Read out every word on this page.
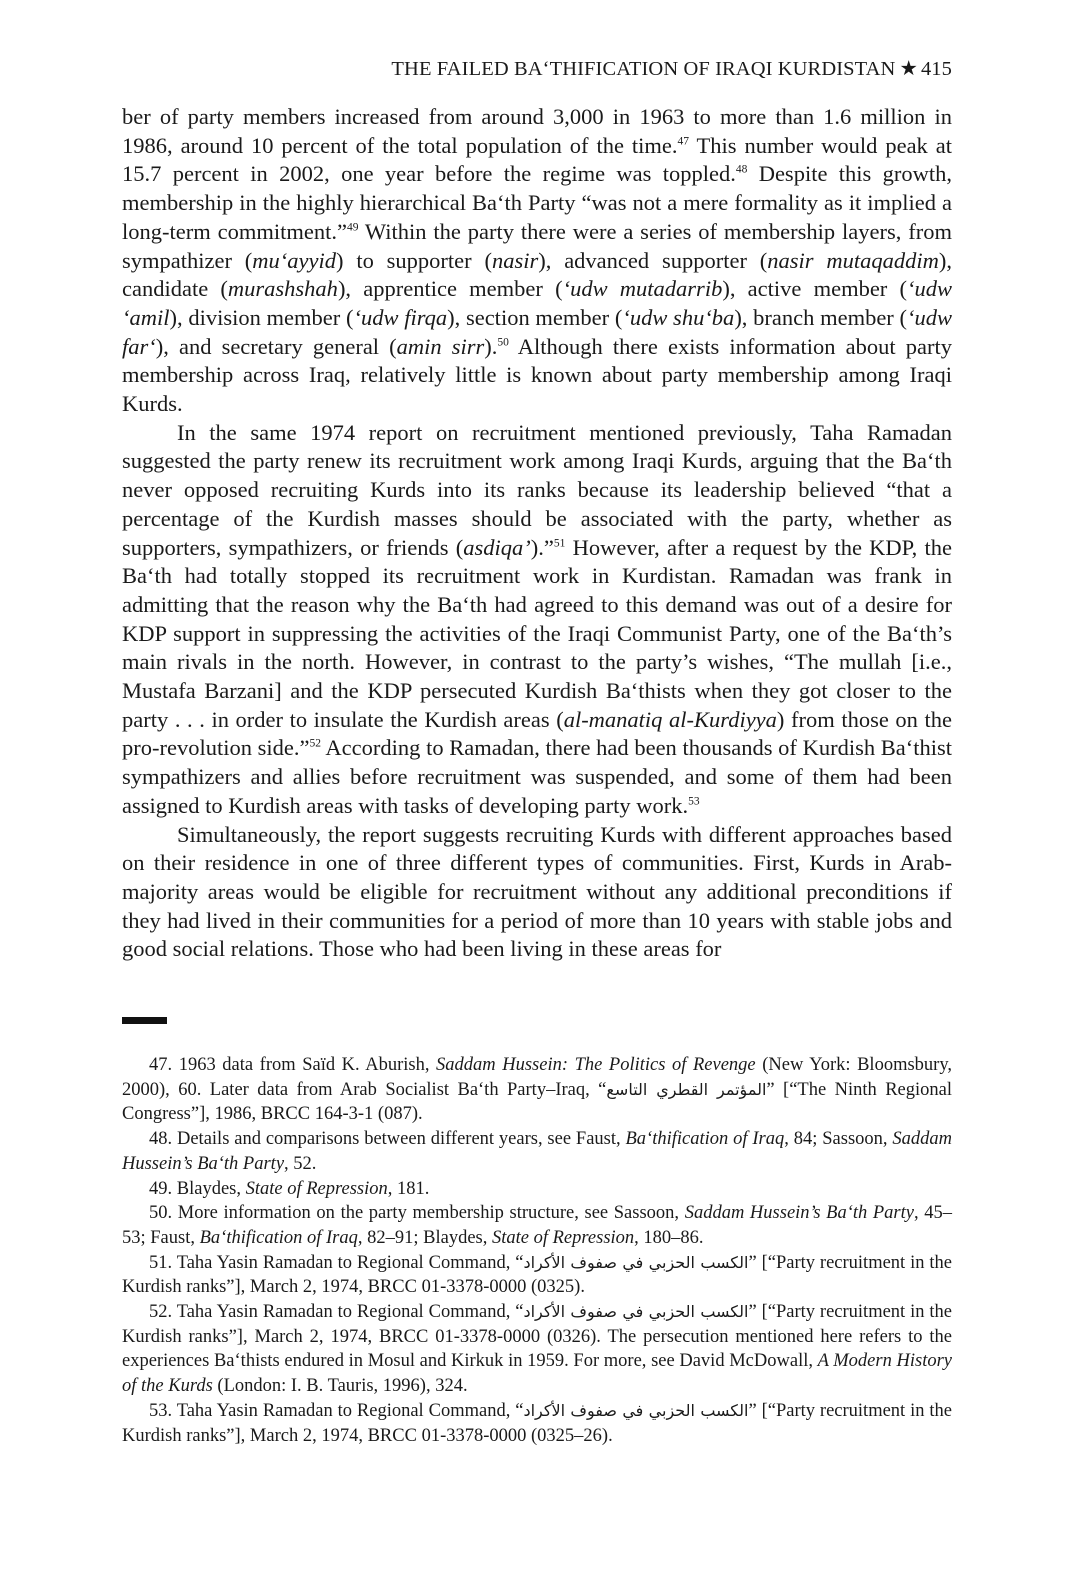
THE FAILED BA‘THIFICATION OF IRAQI KURDISTAN ★ 415

ber of party members increased from around 3,000 in 1963 to more than 1.6 million in 1986, around 10 percent of the total population of the time.$^{47}$ This number would peak at 15.7 percent in 2002, one year before the regime was toppled.$^{48}$ Despite this growth, membership in the highly hierarchical Ba‘th Party “was not a mere formality as it implied a long-term commitment.”$^{49}$ Within the party there were a series of membership layers, from sympathizer (mu‘ayyid) to supporter (nasir), advanced supporter (nasir mutaqaddim), candidate (murashshah), apprentice member (‘udw mutadarrib), active member (‘udw ‘amil), division member (‘udw firqa), section member (‘udw shu‘ba), branch member (‘udw far‘), and secretary general (amin sirr).$^{50}$ Although there exists information about party membership across Iraq, relatively little is known about party membership among Iraqi Kurds.

In the same 1974 report on recruitment mentioned previously, Taha Ramadan suggested the party renew its recruitment work among Iraqi Kurds, arguing that the Ba‘th never opposed recruiting Kurds into its ranks because its leadership believed “that a percentage of the Kurdish masses should be associated with the party, whether as supporters, sympathizers, or friends (asdiqa’).”$^{51}$ However, after a request by the KDP, the Ba‘th had totally stopped its recruitment work in Kurdistan. Ramadan was frank in admitting that the reason why the Ba‘th had agreed to this demand was out of a desire for KDP support in suppressing the activities of the Iraqi Communist Party, one of the Ba‘th’s main rivals in the north. However, in contrast to the party’s wishes, “The mullah [i.e., Mustafa Barzani] and the KDP persecuted Kurdish Ba‘thists when they got closer to the party . . . in order to insulate the Kurdish areas (al-manatiq al-Kurdiyya) from those on the pro-revolution side.”$^{52}$ According to Ramadan, there had been thousands of Kurdish Ba‘thist sympathizers and allies before recruitment was suspended, and some of them had been assigned to Kurdish areas with tasks of developing party work.$^{53}$

Simultaneously, the report suggests recruiting Kurds with different approaches based on their residence in one of three different types of communities. First, Kurds in Arab-majority areas would be eligible for recruitment without any additional preconditions if they had lived in their communities for a period of more than 10 years with stable jobs and good social relations. Those who had been living in these areas for

47. 1963 data from Saïd K. Aburish, Saddam Hussein: The Politics of Revenge (New York: Bloomsbury, 2000), 60. Later data from Arab Socialist Ba‘th Party–Iraq, “المؤتمر القطري التاسع” [“The Ninth Regional Congress”], 1986, BRCC 164-3-1 (087).

48. Details and comparisons between different years, see Faust, Ba‘thification of Iraq, 84; Sassoon, Saddam Hussein’s Ba‘th Party, 52.

49. Blaydes, State of Repression, 181.

50. More information on the party membership structure, see Sassoon, Saddam Hussein’s Ba‘th Party, 45–53; Faust, Ba‘thification of Iraq, 82–91; Blaydes, State of Repression, 180–86.

51. Taha Yasin Ramadan to Regional Command, “الكسب الحزبي في صفوف الأكراد” [“Party recruitment in the Kurdish ranks”], March 2, 1974, BRCC 01-3378-0000 (0325).

52. Taha Yasin Ramadan to Regional Command, “الكسب الحزبي في صفوف الأكراد” [“Party recruitment in the Kurdish ranks”], March 2, 1974, BRCC 01-3378-0000 (0326). The persecution mentioned here refers to the experiences Ba‘thists endured in Mosul and Kirkuk in 1959. For more, see David McDowall, A Modern History of the Kurds (London: I. B. Tauris, 1996), 324.

53. Taha Yasin Ramadan to Regional Command, “الكسب الحزبي في صفوف الأكراد” [“Party recruitment in the Kurdish ranks”], March 2, 1974, BRCC 01-3378-0000 (0325–26).
